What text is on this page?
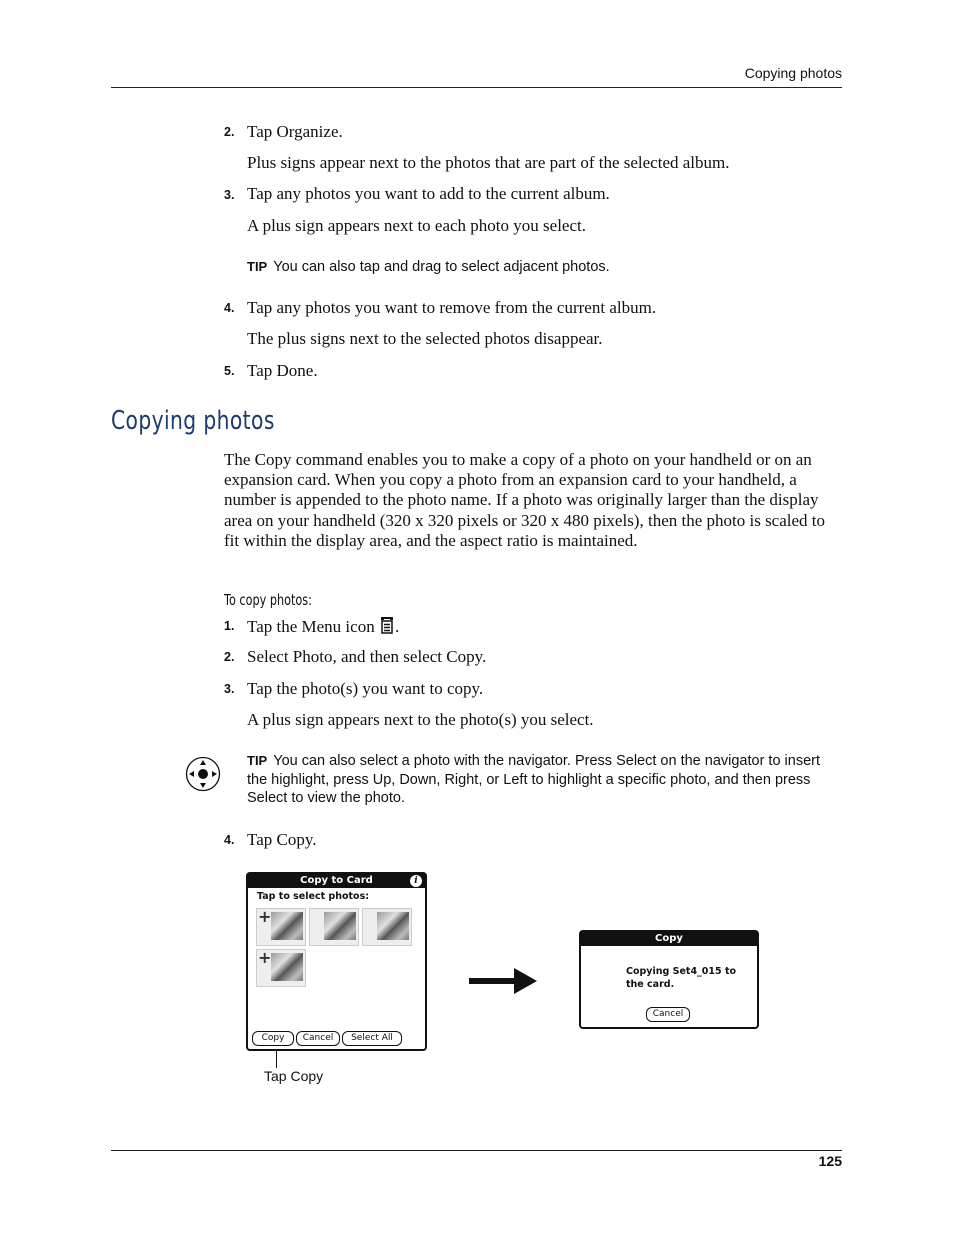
Copying photos
2. Tap Organize.
Plus signs appear next to the photos that are part of the selected album.
3. Tap any photos you want to add to the current album.
A plus sign appears next to each photo you select.
TIP You can also tap and drag to select adjacent photos.
4. Tap any photos you want to remove from the current album.
The plus signs next to the selected photos disappear.
5. Tap Done.
Copying photos
The Copy command enables you to make a copy of a photo on your handheld or on an expansion card. When you copy a photo from an expansion card to your handheld, a number is appended to the photo name. If a photo was originally larger than the display area on your handheld (320 x 320 pixels or 320 x 480 pixels), then the photo is scaled to fit within the display area, and the aspect ratio is maintained.
To copy photos:
1. Tap the Menu icon .
2. Select Photo, and then select Copy.
3. Tap the photo(s) you want to copy.
A plus sign appears next to the photo(s) you select.
TIP You can also select a photo with the navigator. Press Select on the navigator to insert the highlight, press Up, Down, Right, or Left to highlight a specific photo, and then press Select to view the photo.
4. Tap Copy.
Copy to Card	i
Tap to select photos:
+
+
Copy	Cancel	Select All
Tap Copy
Copy
Copying Set4_015 to
the card.
Cancel
125
